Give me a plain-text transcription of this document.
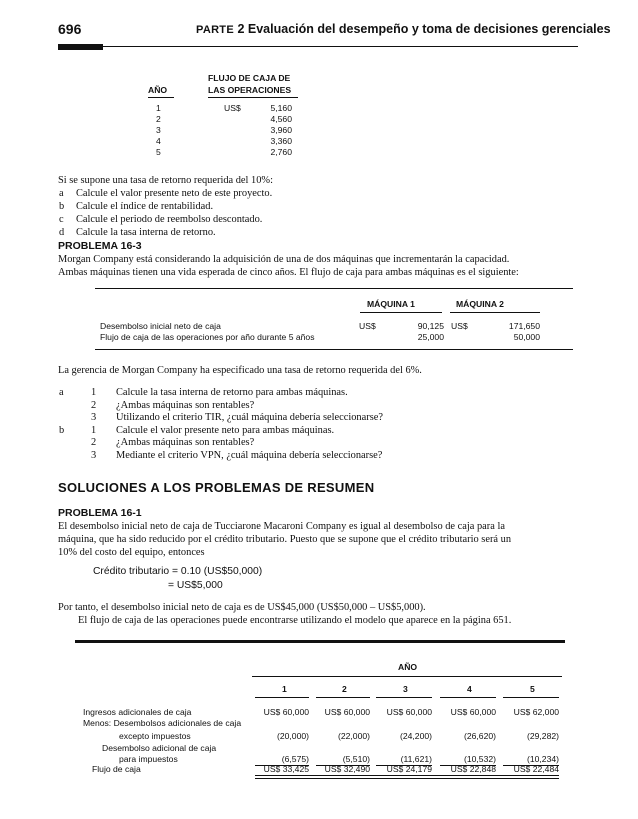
696	PARTE 2 Evaluación del desempeño y toma de decisiones gerenciales
AÑO
FLUJO DE CAJA DE
LAS OPERACIONES
1	US$	5,160
2	4,560
3	3,960
4	3,360
5	2,760
Si se supone una tasa de retorno requerida del 10%:
a Calcule el valor presente neto de este proyecto.
b Calcule el índice de rentabilidad.
c Calcule el periodo de reembolso descontado.
d Calcule la tasa interna de retorno.
PROBLEMA 16-3
Morgan Company está considerando la adquisición de una de dos máquinas que incrementarán la capacidad.
Ambas máquinas tienen una vida esperada de cinco años. El flujo de caja para ambas máquinas es el siguiente:
MÁQUINA 1	MÁQUINA 2
Desembolso inicial neto de caja	US$	90,125 US$	171,650
Flujo de caja de las operaciones por año durante 5 años	25,000	50,000
La gerencia de Morgan Company ha especificado una tasa de retorno requerida del 6%.
a	1 Calcule la tasa interna de retorno para ambas máquinas.
2 ¿Ambas máquinas son rentables?
3 Utilizando el criterio TIR, ¿cuál máquina debería seleccionarse?
b	1 Calcule el valor presente neto para ambas máquinas.
2 ¿Ambas máquinas son rentables?
3 Mediante el criterio VPN, ¿cuál máquina debería seleccionarse?
SOLUCIONES A LOS PROBLEMAS DE RESUMEN
PROBLEMA 16-1
El desembolso inicial neto de caja de Tucciarone Macaroni Company es igual al desembolso de caja para la
máquina, que ha sido reducido por el crédito tributario. Puesto que se supone que el crédito tributario será un
10% del costo del equipo, entonces
Crédito tributario = 0.10 (US$50,000)
= US$5,000
Por tanto, el desembolso inicial neto de caja es de US$45,000 (US$50,000 – US$5,000).
El flujo de caja de las operaciones puede encontrarse utilizando el modelo que aparece en la página 651.
AÑO
1	2	3	4	5
Ingresos adicionales de caja	US$ 60,000 US$ 60,000 US$ 60,000 US$ 60,000 US$ 62,000
Menos: Desembolsos adicionales de caja
excepto impuestos	(20,000)	(22,000)	(24,200)	(26,620)	(29,282)
Desembolso adicional de caja
para impuestos	(6,575)	(5,510)	(11,621)	(10,532)	(10,234)
Flujo de caja	US$ 33,425 US$ 32,490 US$ 24,179 US$ 22,848 US$ 22,484
